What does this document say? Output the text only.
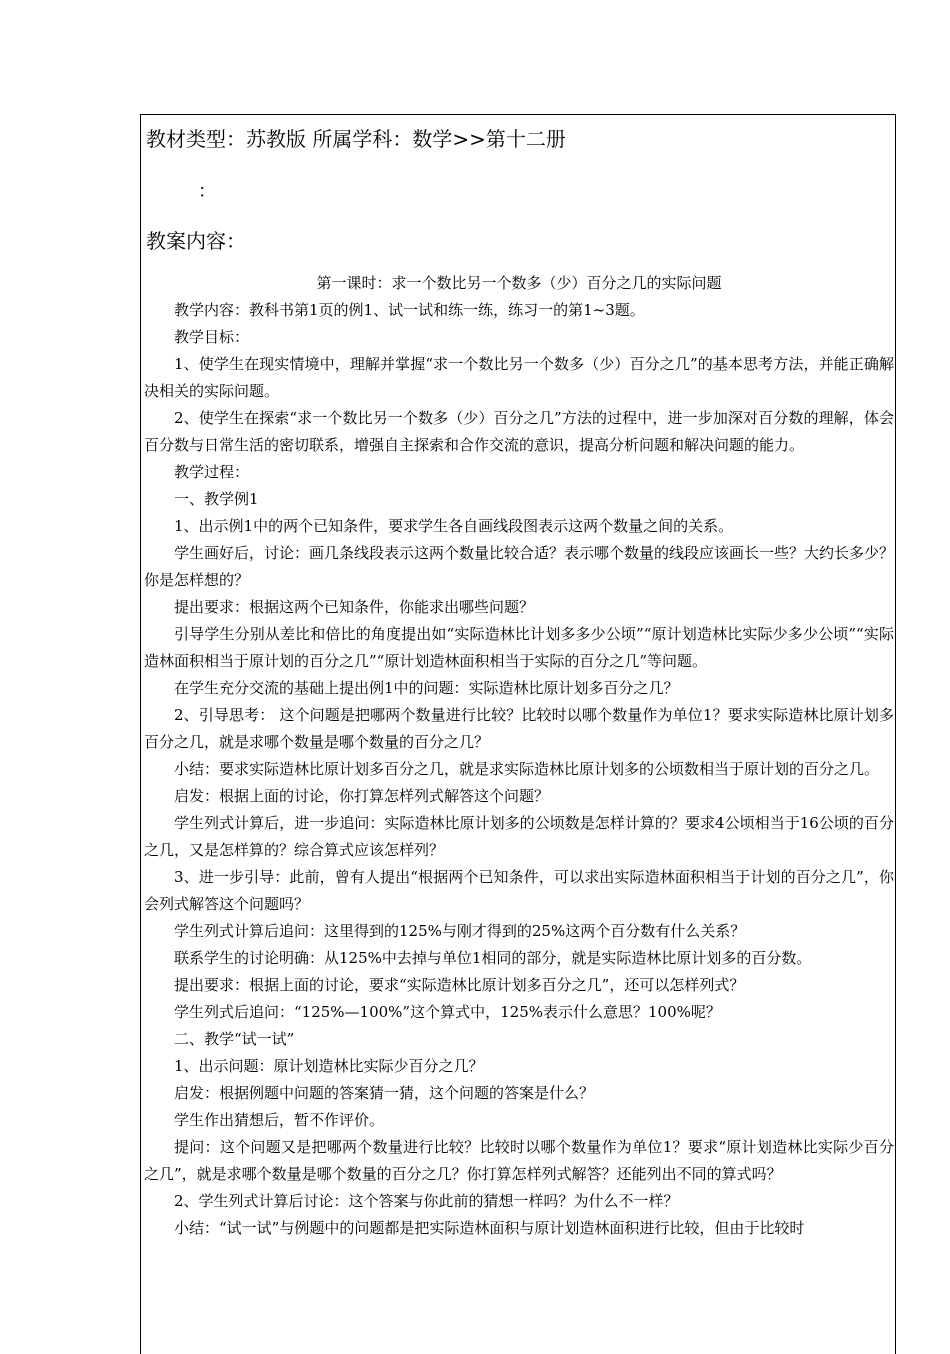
教材类型：苏教版 所属学科：数学>>第十二册
：
教案内容：

第一课时：求一个数比另一个数多（少）百分之几的实际问题

教学内容：教科书第1页的例1、试一试和练一练，练习一的第1~3题。

教学目标：

1、使学生在现实情境中，理解并掌握“求一个数比另一个数多（少）百分之几”的基本思考方法，并能正确解决相关的实际问题。

2、使学生在探索“求一个数比另一个数多（少）百分之几”方法的过程中，进一步加深对百分数的理解，体会百分数与日常生活的密切联系，增强自主探索和合作交流的意识，提高分析问题和解决问题的能力。

教学过程：

一、教学例1

1、出示例1中的两个已知条件，要求学生各自画线段图表示这两个数量之间的关系。

学生画好后，讨论：画几条线段表示这两个数量比较合适？表示哪个数量的线段应该画长一些？大约长多少？你是怎样想的？

提出要求：根据这两个已知条件，你能求出哪些问题？

引导学生分别从差比和倍比的角度提出如“实际造林比计划多多少公顷”“原计划造林比实际少多少公顷”“实际造林面积相当于原计划的百分之几”“原计划造林面积相当于实际的百分之几”等问题。

在学生充分交流的基础上提出例1中的问题：实际造林比原计划多百分之几？

2、引导思考： 这个问题是把哪两个数量进行比较？比较时以哪个数量作为单位1？要求实际造林比原计划多百分之几，就是求哪个数量是哪个数量的百分之几？

小结：要求实际造林比原计划多百分之几，就是求实际造林比原计划多的公顷数相当于原计划的百分之几。

启发：根据上面的讨论，你打算怎样列式解答这个问题？

学生列式计算后，进一步追问：实际造林比原计划多的公顷数是怎样计算的？要求4公顷相当于16公顷的百分之几，又是怎样算的？综合算式应该怎样列？

3、进一步引导：此前，曾有人提出“根据两个已知条件，可以求出实际造林面积相当于计划的百分之几”，你会列式解答这个问题吗？

学生列式计算后追问：这里得到的125%与刚才得到的25%这两个百分数有什么关系？

联系学生的讨论明确：从125%中去掉与单位1相同的部分，就是实际造林比原计划多的百分数。

提出要求：根据上面的讨论，要求“实际造林比原计划多百分之几”，还可以怎样列式？

学生列式后追问：“125%—100%”这个算式中，125%表示什么意思？100%呢？

二、教学“试一试”

1、出示问题：原计划造林比实际少百分之几？

启发：根据例题中问题的答案猜一猜，这个问题的答案是什么？

学生作出猜想后，暂不作评价。

提问：这个问题又是把哪两个数量进行比较？比较时以哪个数量作为单位1？要求“原计划造林比实际少百分之几”，就是求哪个数量是哪个数量的百分之几？你打算怎样列式解答？还能列出不同的算式吗？

2、学生列式计算后讨论：这个答案与你此前的猜想一样吗？为什么不一样？

小结：“试一试”与例题中的问题都是把实际造林面积与原计划造林面积进行比较，但由于比较时
